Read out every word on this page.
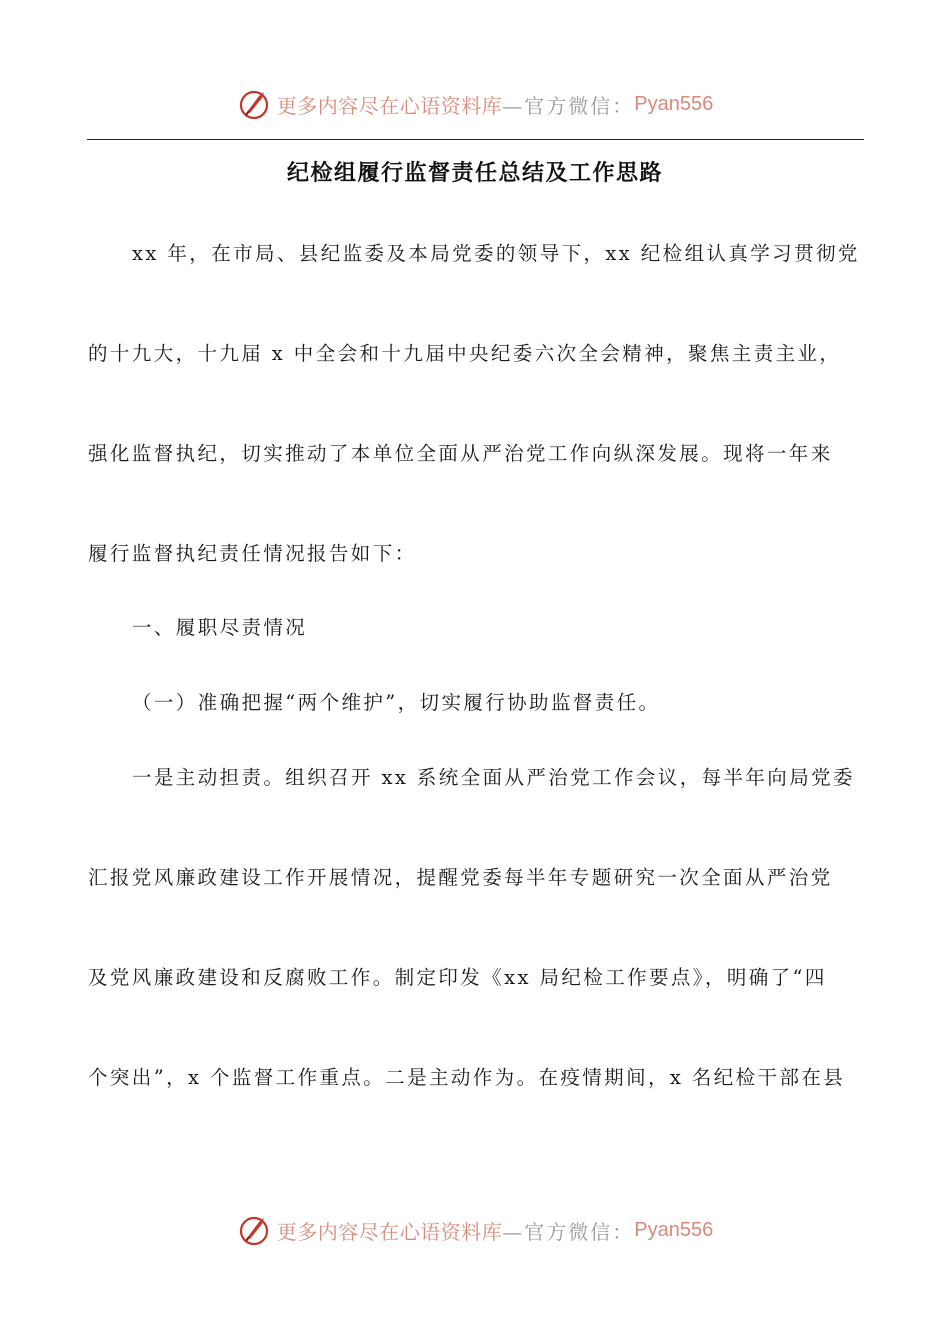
更多内容尽在心语资料库 —官方微信： Pyan556
纪检组履行监督责任总结及工作思路
xx 年，在市局、县纪监委及本局党委的领导下，xx 纪检组认真学习贯彻党
的十九大，十九届 x 中全会和十九届中央纪委六次全会精神，聚焦主责主业，
强化监督执纪，切实推动了本单位全面从严治党工作向纵深发展。现将一年来
履行监督执纪责任情况报告如下：
一、履职尽责情况
（一）准确把握“两个维护”，切实履行协助监督责任。
一是主动担责。组织召开 xx 系统全面从严治党工作会议，每半年向局党委
汇报党风廉政建设工作开展情况，提醒党委每半年专题研究一次全面从严治党
及党风廉政建设和反腐败工作。制定印发《xx 局纪检工作要点》，明确了“四
个突出”，x 个监督工作重点。二是主动作为。在疫情期间，x 名纪检干部在县
更多内容尽在心语资料库 —官方微信： Pyan556
